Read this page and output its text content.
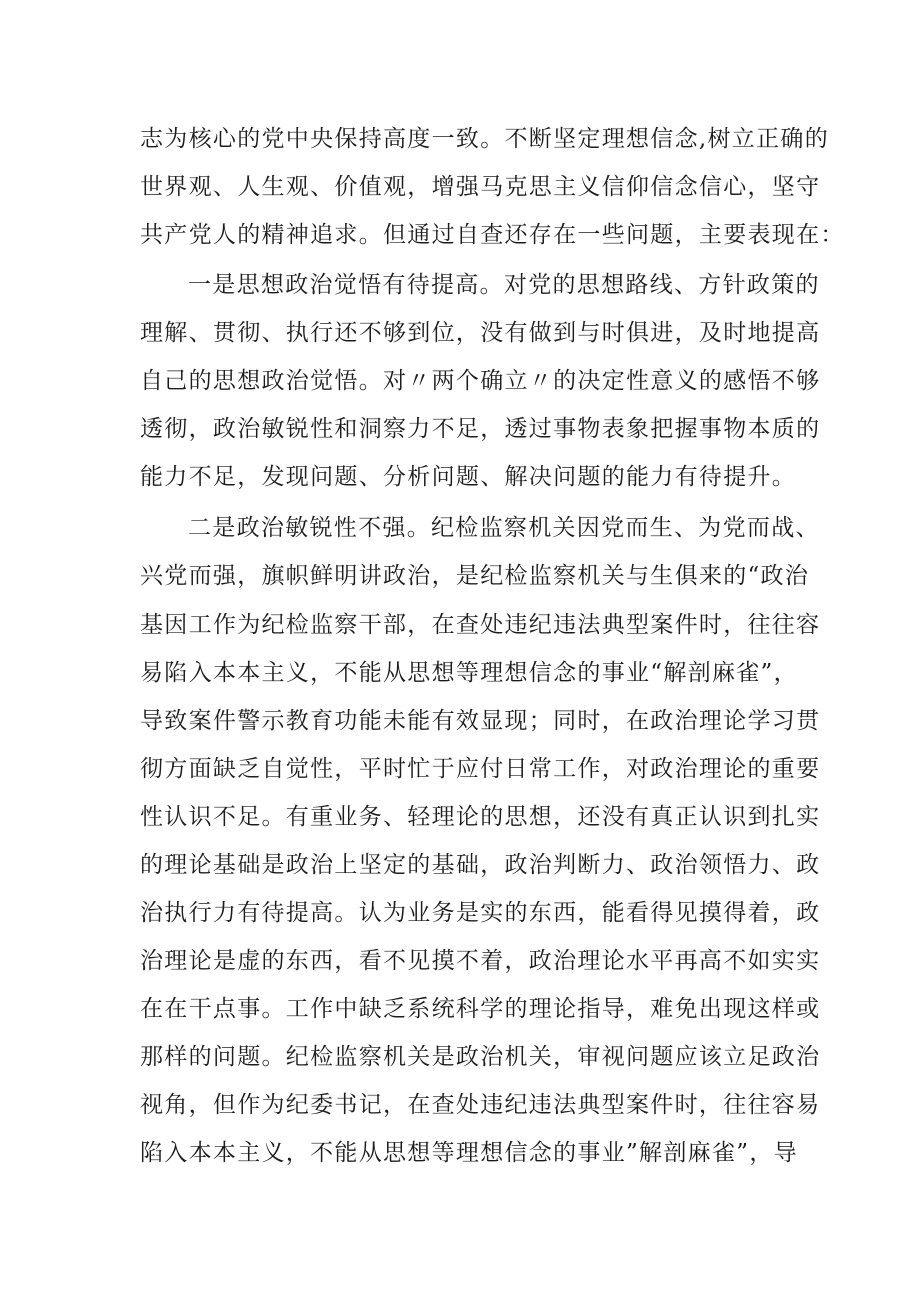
志为核心的党中央保持高度一致。不断坚定理想信念,树立正确的
世界观、人生观、价值观，增强马克思主义信仰信念信心，坚守
共产党人的精神追求。但通过自查还存在一些问题，主要表现在：
一是思想政治觉悟有待提高。对党的思想路线、方针政策的
理解、贯彻、执行还不够到位，没有做到与时俱进，及时地提高
自己的思想政治觉悟。对〃两个确立〃的决定性意义的感悟不够
透彻，政治敏锐性和洞察力不足，透过事物表象把握事物本质的
能力不足，发现问题、分析问题、解决问题的能力有待提升。
二是政治敏锐性不强。纪检监察机关因党而生、为党而战、
兴党而强，旗帜鲜明讲政治，是纪检监察机关与生俱来的“政治
基因工作为纪检监察干部，在查处违纪违法典型案件时，往往容
易陷入本本主义，不能从思想等理想信念的事业“解剖麻雀”，
导致案件警示教育功能未能有效显现；同时，在政治理论学习贯
彻方面缺乏自觉性，平时忙于应付日常工作，对政治理论的重要
性认识不足。有重业务、轻理论的思想，还没有真正认识到扎实
的理论基础是政治上坚定的基础，政治判断力、政治领悟力、政
治执行力有待提高。认为业务是实的东西，能看得见摸得着，政
治理论是虚的东西，看不见摸不着，政治理论水平再高不如实实
在在干点事。工作中缺乏系统科学的理论指导，难免出现这样或
那样的问题。纪检监察机关是政治机关，审视问题应该立足政治
视角，但作为纪委书记，在查处违纪违法典型案件时，往往容易
陷入本本主义，不能从思想等理想信念的事业”解剖麻雀”，导
